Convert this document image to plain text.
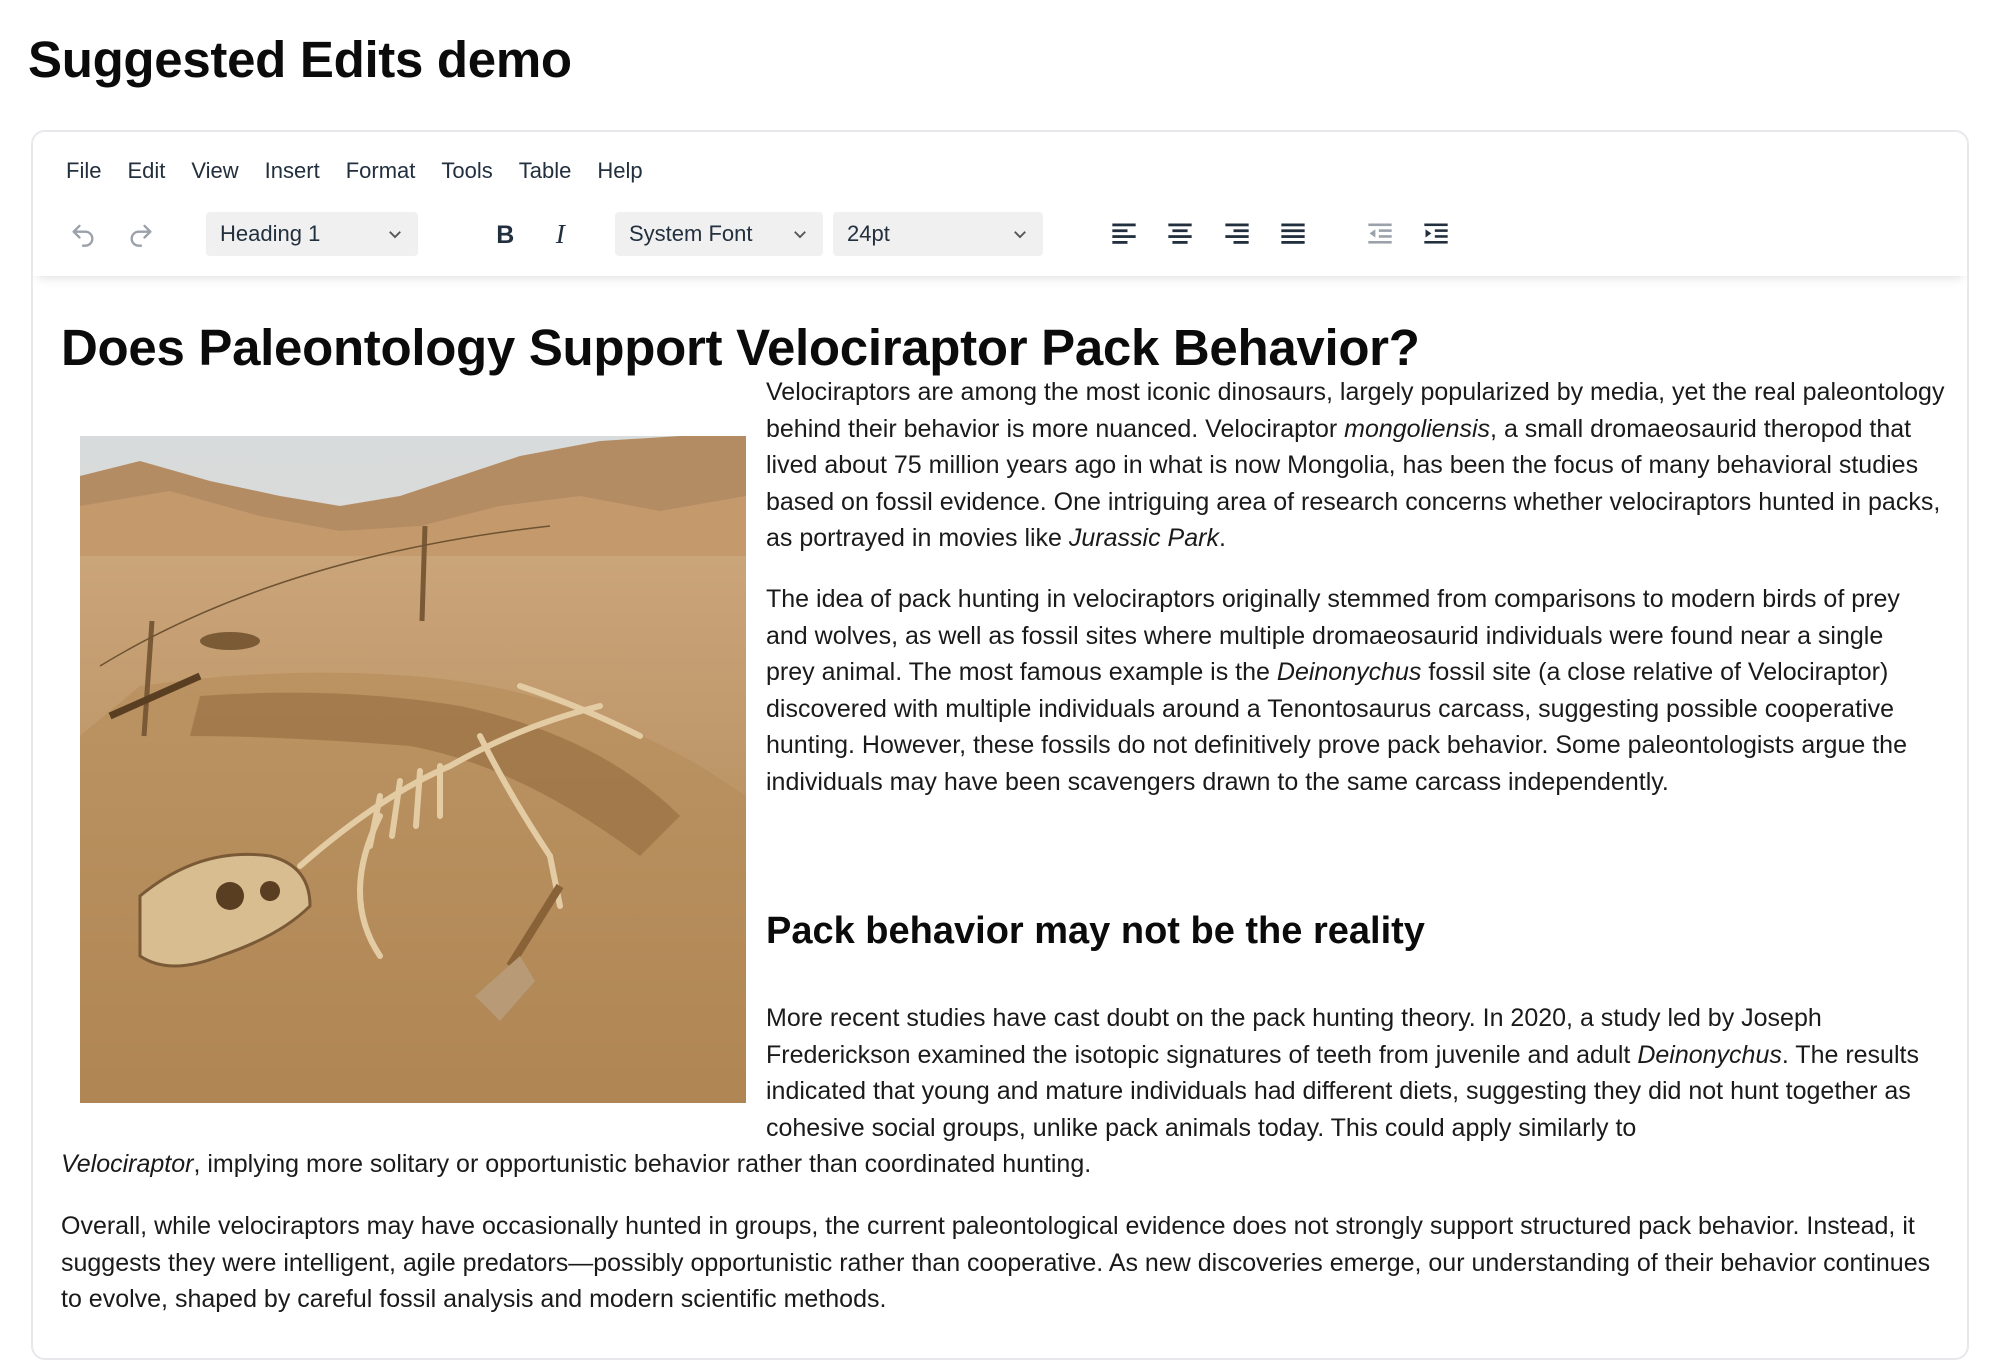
Suggested Edits demo
File	Edit	View	Insert	Format	Tools	Table	Help
Heading 1	B I	System Font	24pt
Does Paleontology Support Velociraptor Pack Behavior?

Velociraptors are among the most iconic dinosaurs, largely popularized by media, yet the real paleontology behind their behavior is more nuanced. Velociraptor mongoliensis, a small dromaeosaurid theropod that lived about 75 million years ago in what is now Mongolia, has been the focus of many behavioral studies based on fossil evidence. One intriguing area of research concerns whether velociraptors hunted in packs, as portrayed in movies like Jurassic Park.

The idea of pack hunting in velociraptors originally stemmed from comparisons to modern birds of prey and wolves, as well as fossil sites where multiple dromaeosaurid individuals were found near a single prey animal. The most famous example is the Deinonychus fossil site (a close relative of Velociraptor) discovered with multiple individuals around a Tenontosaurus carcass, suggesting possible cooperative hunting. However, these fossils do not definitively prove pack behavior. Some paleontologists argue the individuals may have been scavengers drawn to the same carcass independently.

Pack behavior may not be the reality

More recent studies have cast doubt on the pack hunting theory. In 2020, a study led by Joseph Frederickson examined the isotopic signatures of teeth from juvenile and adult Deinonychus. The results indicated that young and mature individuals had different diets, suggesting they did not hunt together as cohesive social groups, unlike pack animals today. This could apply similarly to

Velociraptor, implying more solitary or opportunistic behavior rather than coordinated hunting.

Overall, while velociraptors may have occasionally hunted in groups, the current paleontological evidence does not strongly support structured pack behavior. Instead, it suggests they were intelligent, agile predators—possibly opportunistic rather than cooperative. As new discoveries emerge, our understanding of their behavior continues to evolve, shaped by careful fossil analysis and modern scientific methods.
